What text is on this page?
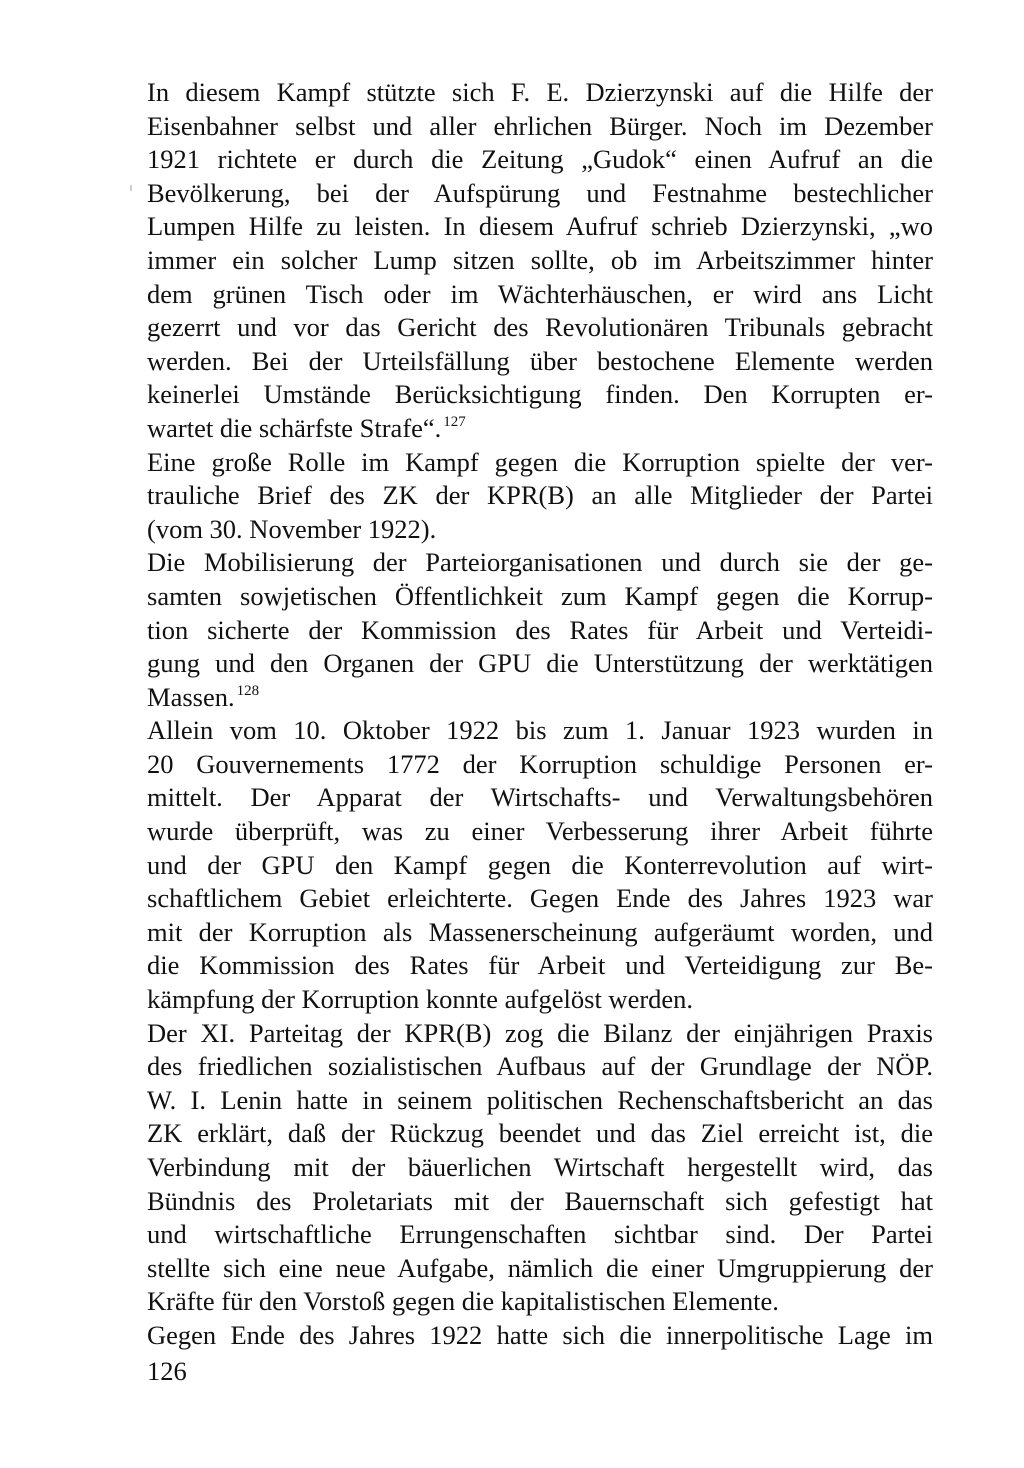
In diesem Kampf stützte sich F. E. Dzierzynski auf die Hilfe der
Eisenbahner selbst und aller ehrlichen Bürger. Noch im Dezember
1921 richtete er durch die Zeitung „Gudok“ einen Aufruf an die
Bevölkerung, bei der Aufspürung und Festnahme bestechlicher
Lumpen Hilfe zu leisten. In diesem Aufruf schrieb Dzierzynski, „wo
immer ein solcher Lump sitzen sollte, ob im Arbeitszimmer hinter
dem grünen Tisch oder im Wächterhäuschen, er wird ans Licht
gezerrt und vor das Gericht des Revolutionären Tribunals gebracht
werden. Bei der Urteilsfällung über bestochene Elemente werden
keinerlei Umstände Berücksichtigung finden. Den Korrupten er-
wartet die schärfste Strafe“. $^{127}$
Eine große Rolle im Kampf gegen die Korruption spielte der ver-
trauliche Brief des ZK der KPR(B) an alle Mitglieder der Partei
(vom 30. November 1922).
Die Mobilisierung der Parteiorganisationen und durch sie der ge-
samten sowjetischen Öffentlichkeit zum Kampf gegen die Korrup-
tion sicherte der Kommission des Rates für Arbeit und Verteidi-
gung und den Organen der GPU die Unterstützung der werktätigen
Massen. $^{128}$
Allein vom 10. Oktober 1922 bis zum 1. Januar 1923 wurden in
20 Gouvernements 1772 der Korruption schuldige Personen er-
mittelt. Der Apparat der Wirtschafts- und Verwaltungsbehören
wurde überprüft, was zu einer Verbesserung ihrer Arbeit führte
und der GPU den Kampf gegen die Konterrevolution auf wirt-
schaftlichem Gebiet erleichterte. Gegen Ende des Jahres 1923 war
mit der Korruption als Massenerscheinung aufgeräumt worden, und
die Kommission des Rates für Arbeit und Verteidigung zur Be-
kämpfung der Korruption konnte aufgelöst werden.
Der XI. Parteitag der KPR(B) zog die Bilanz der einjährigen Praxis
des friedlichen sozialistischen Aufbaus auf der Grundlage der NÖP.
W. I. Lenin hatte in seinem politischen Rechenschaftsbericht an das
ZK erklärt, daß der Rückzug beendet und das Ziel erreicht ist, die
Verbindung mit der bäuerlichen Wirtschaft hergestellt wird, das
Bündnis des Proletariats mit der Bauernschaft sich gefestigt hat
und wirtschaftliche Errungenschaften sichtbar sind. Der Partei
stellte sich eine neue Aufgabe, nämlich die einer Umgruppierung der
Kräfte für den Vorstoß gegen die kapitalistischen Elemente.
Gegen Ende des Jahres 1922 hatte sich die innerpolitische Lage im
126
